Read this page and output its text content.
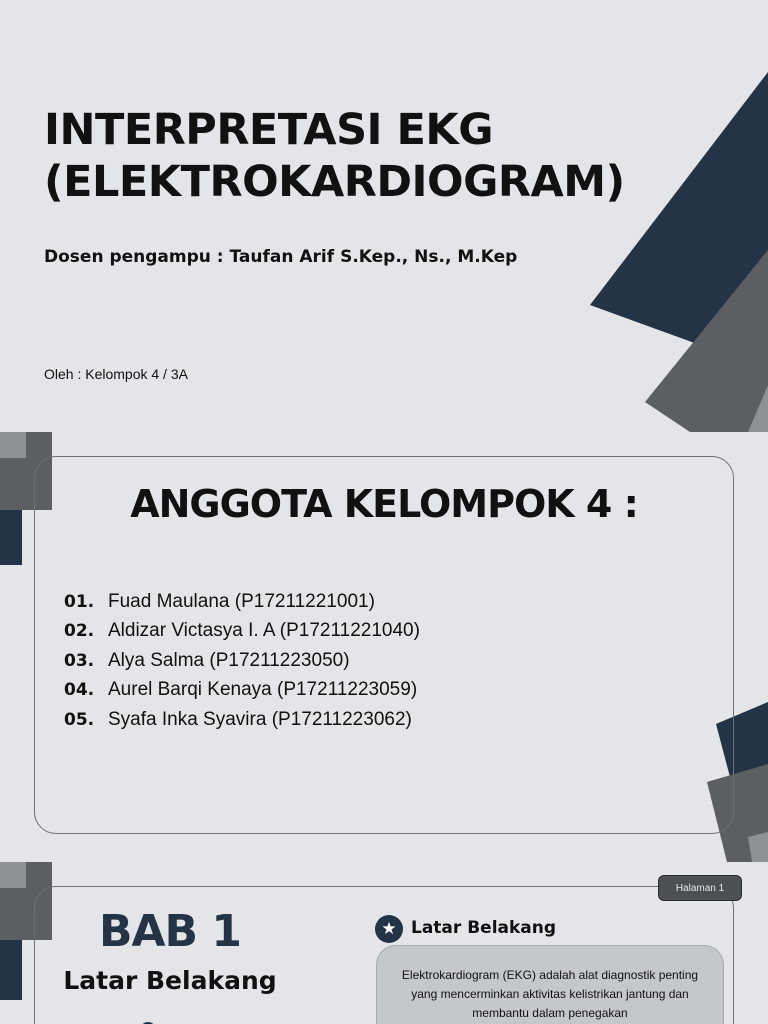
INTERPRETASI EKG
(ELEKTROKARDIOGRAM)
Dosen pengampu : Taufan Arif S.Kep., Ns., M.Kep
Oleh : Kelompok 4 / 3A
ANGGOTA KELOMPOK 4 :
01. Fuad Maulana (P17211221001)
02. Aldizar Victasya I. A (P17211221040)
03. Alya Salma (P17211223050)
04. Aurel Barqi Kenaya (P17211223059)
05. Syafa Inka Syavira (P17211223062)
Halaman 1
BAB 1
Latar Belakang
★ Latar Belakang
Elektrokardiogram (EKG) adalah alat diagnostik penting yang mencerminkan aktivitas kelistrikan jantung dan membantu dalam penegakan
